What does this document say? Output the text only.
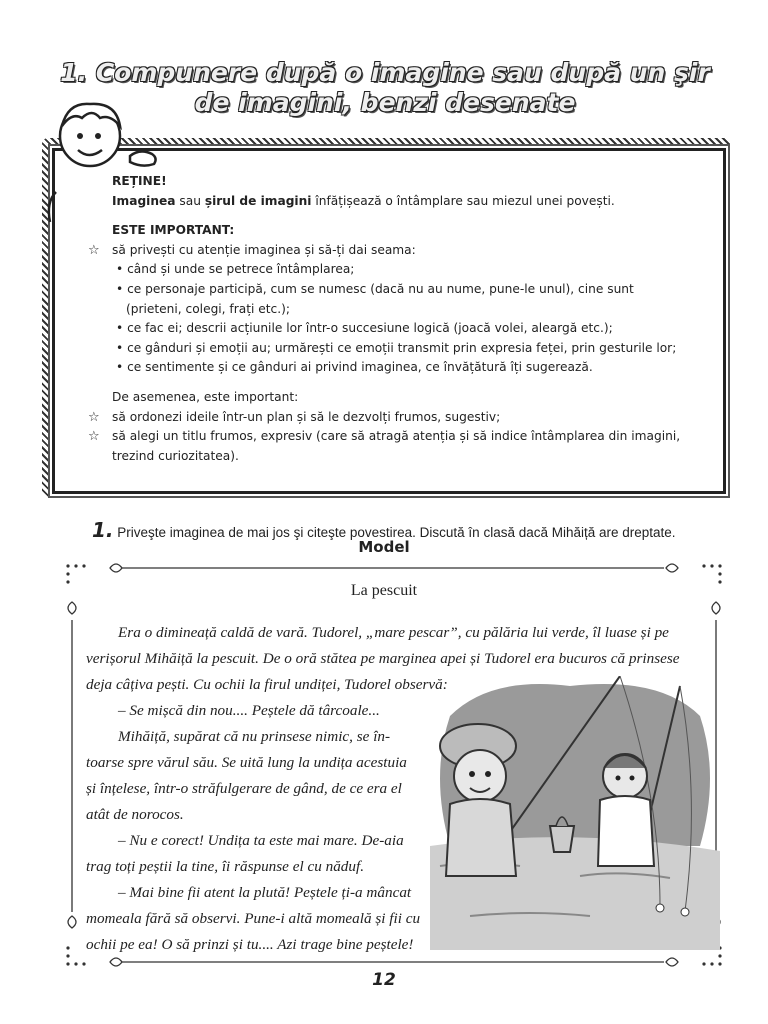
1. Compunere după o imagine sau după un şir
de imagini, benzi desenate
REȚINE!
Imaginea sau șirul de imagini înfățișează o întâmplare sau miezul unei povești.
ESTE IMPORTANT:
☆ să privești cu atenție imaginea și să-ți dai seama:
• când și unde se petrece întâmplarea;
• ce personaje participă, cum se numesc (dacă nu au nume, pune-le unul), cine sunt
(prieteni, colegi, frați etc.);
• ce fac ei; descrii acțiunile lor într-o succesiune logică (joacă volei, aleargă etc.);
• ce gânduri și emoții au; urmărești ce emoții transmit prin expresia feței, prin gesturile lor;
• ce sentimente și ce gânduri ai privind imaginea, ce învățătură îți sugerează.
De asemenea, este important:
☆ să ordonezi ideile într-un plan și să le dezvolți frumos, sugestiv;
☆ să alegi un titlu frumos, expresiv (care să atragă atenția și să indice întâmplarea din imagini,
trezind curiozitatea).
1. Priveşte imaginea de mai jos şi citeşte povestirea. Discută în clasă dacă Mihăiță are dreptate.
Model
La pescuit

Era o dimineață caldă de vară. Tudorel, „mare pescar”, cu pălăria lui verde, îl luase și pe verișorul Mihăiță la pescuit. De o oră stătea pe marginea apei și Tudorel era bucuros că prinsese deja câțiva pești. Cu ochii la firul undiței, Tudorel observă:

– Se mișcă din nou.... Peștele dă târcoale...

Mihăiță, supărat că nu prinsese nimic, se în-

toarse spre vărul său. Se uită lung la undița acestuia

și înțelese, într-o străfulgerare de gând, de ce era el

atât de norocos.

– Nu e corect! Undița ta este mai mare. De-aia

trag toți peștii la tine, îi răspunse el cu năduf.

– Mai bine fii atent la plută! Peștele ți-a mâncat

momeala fără să observi. Pune-i altă momeală și fii cu

ochii pe ea! O să prinzi și tu.... Azi trage bine peștele!

12
